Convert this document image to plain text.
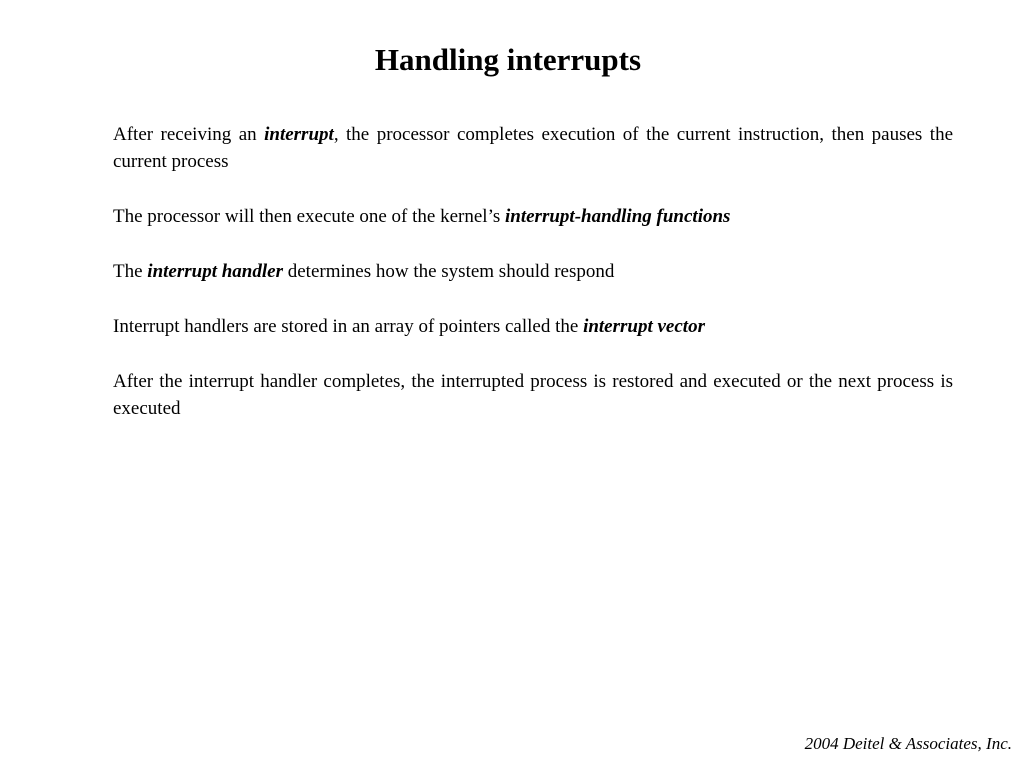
Handling interrupts

After receiving an interrupt, the processor completes execution of the current instruction, then pauses the current process

The processor will then execute one of the kernel’s interrupt-handling functions

The interrupt handler determines how the system should respond

Interrupt handlers are stored in an array of pointers called the interrupt vector

After the interrupt handler completes, the interrupted process is restored and executed or the next process is executed

2004 Deitel & Associates, Inc.
